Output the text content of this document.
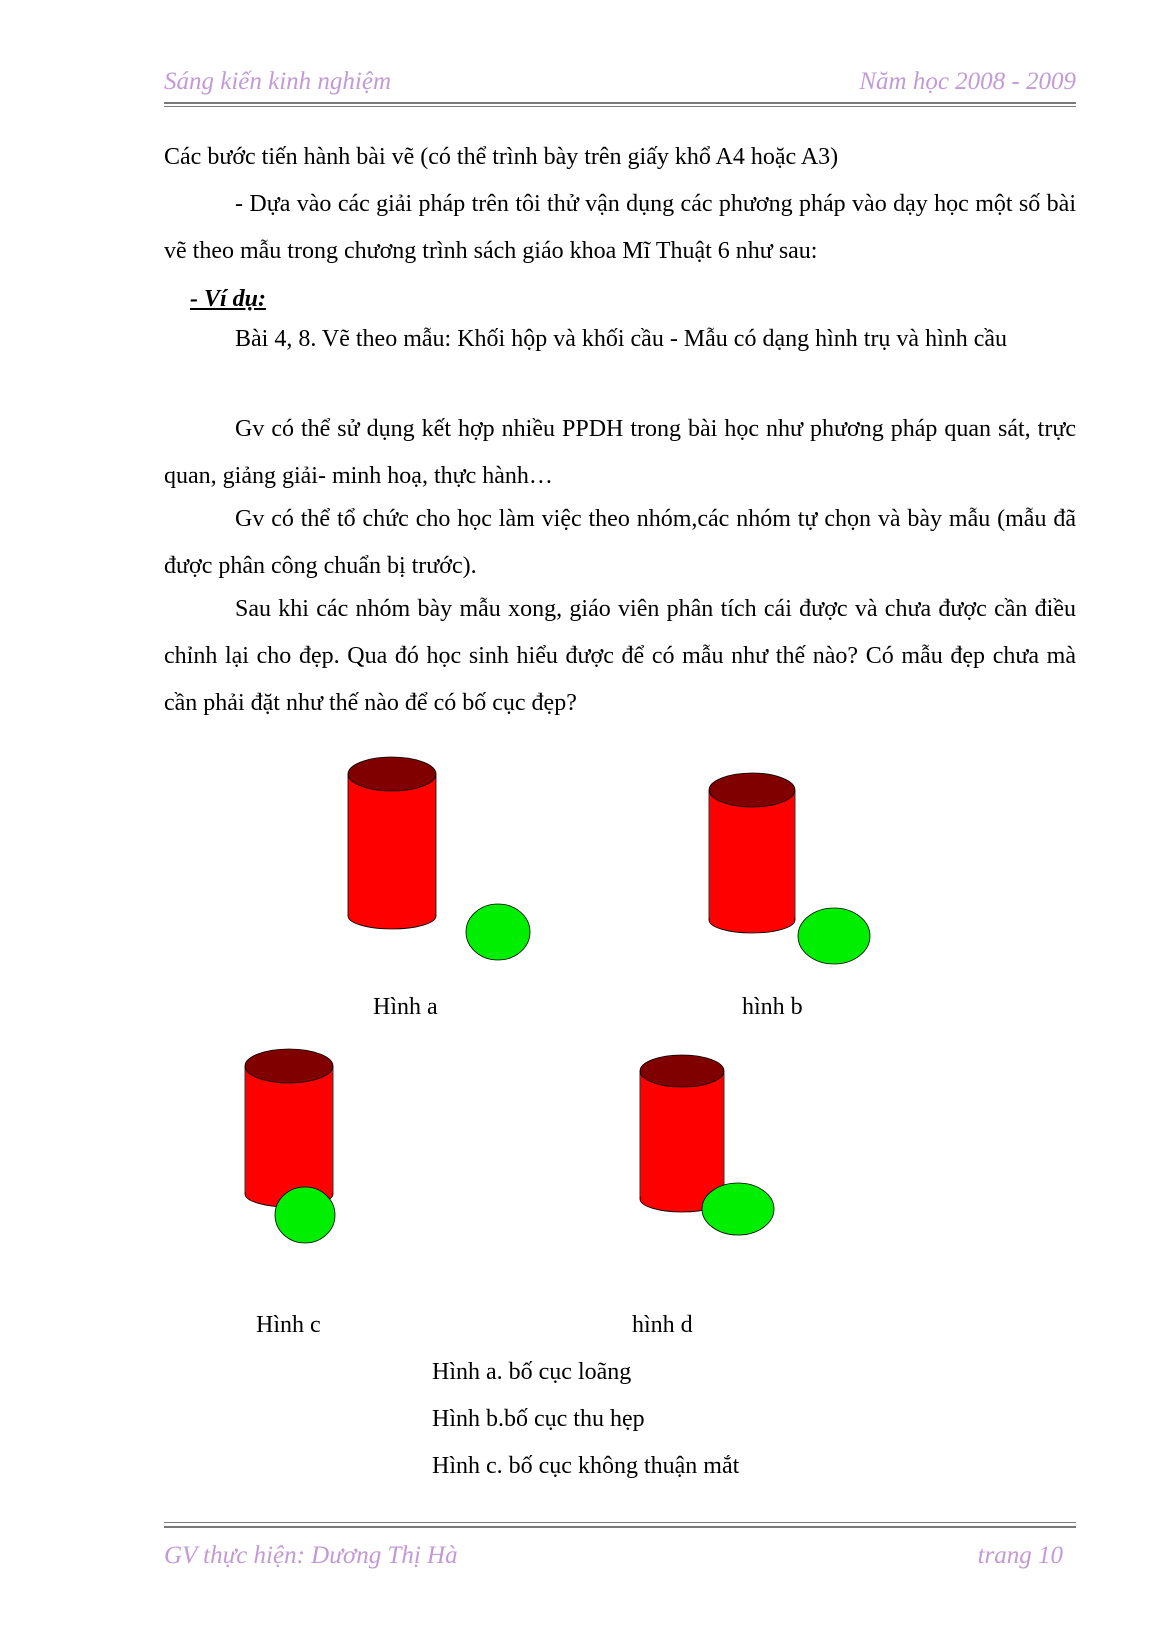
Sáng kiến kinh nghiệm	Năm học 2008 - 2009
Các bước tiến hành bài vẽ (có thể trình bày trên giấy khổ A4 hoặc A3)
- Dựa vào các giải pháp trên tôi thử vận dụng các phương pháp vào dạy học một số bài vẽ theo mẫu trong chương trình sách giáo khoa Mĩ Thuật 6 như sau:
- Ví dụ:
Bài 4, 8. Vẽ theo mẫu: Khối hộp và khối cầu - Mẫu có dạng hình trụ và hình cầu
Gv có thể sử dụng kết hợp nhiều PPDH trong bài học như phương pháp quan sát, trực quan, giảng giải- minh hoạ, thực hành…
Gv có thể tổ chức cho học làm việc theo nhóm,các nhóm tự chọn và bày mẫu (mẫu đã được phân công chuẩn bị trước).
Sau khi các nhóm bày mẫu xong, giáo viên phân tích cái được và chưa được cần điều chỉnh lại cho đẹp. Qua đó học sinh hiểu được để có mẫu như thế nào? Có mẫu đẹp chưa mà cần phải đặt như thế nào để có bố cục đẹp?
Hình a	hình b
Hình c	hình d
Hình a. bố cục loãng
Hình b.bố cục thu hẹp
Hình c. bố cục không thuận mắt
GV thực hiện: Dương Thị Hà	trang 10
